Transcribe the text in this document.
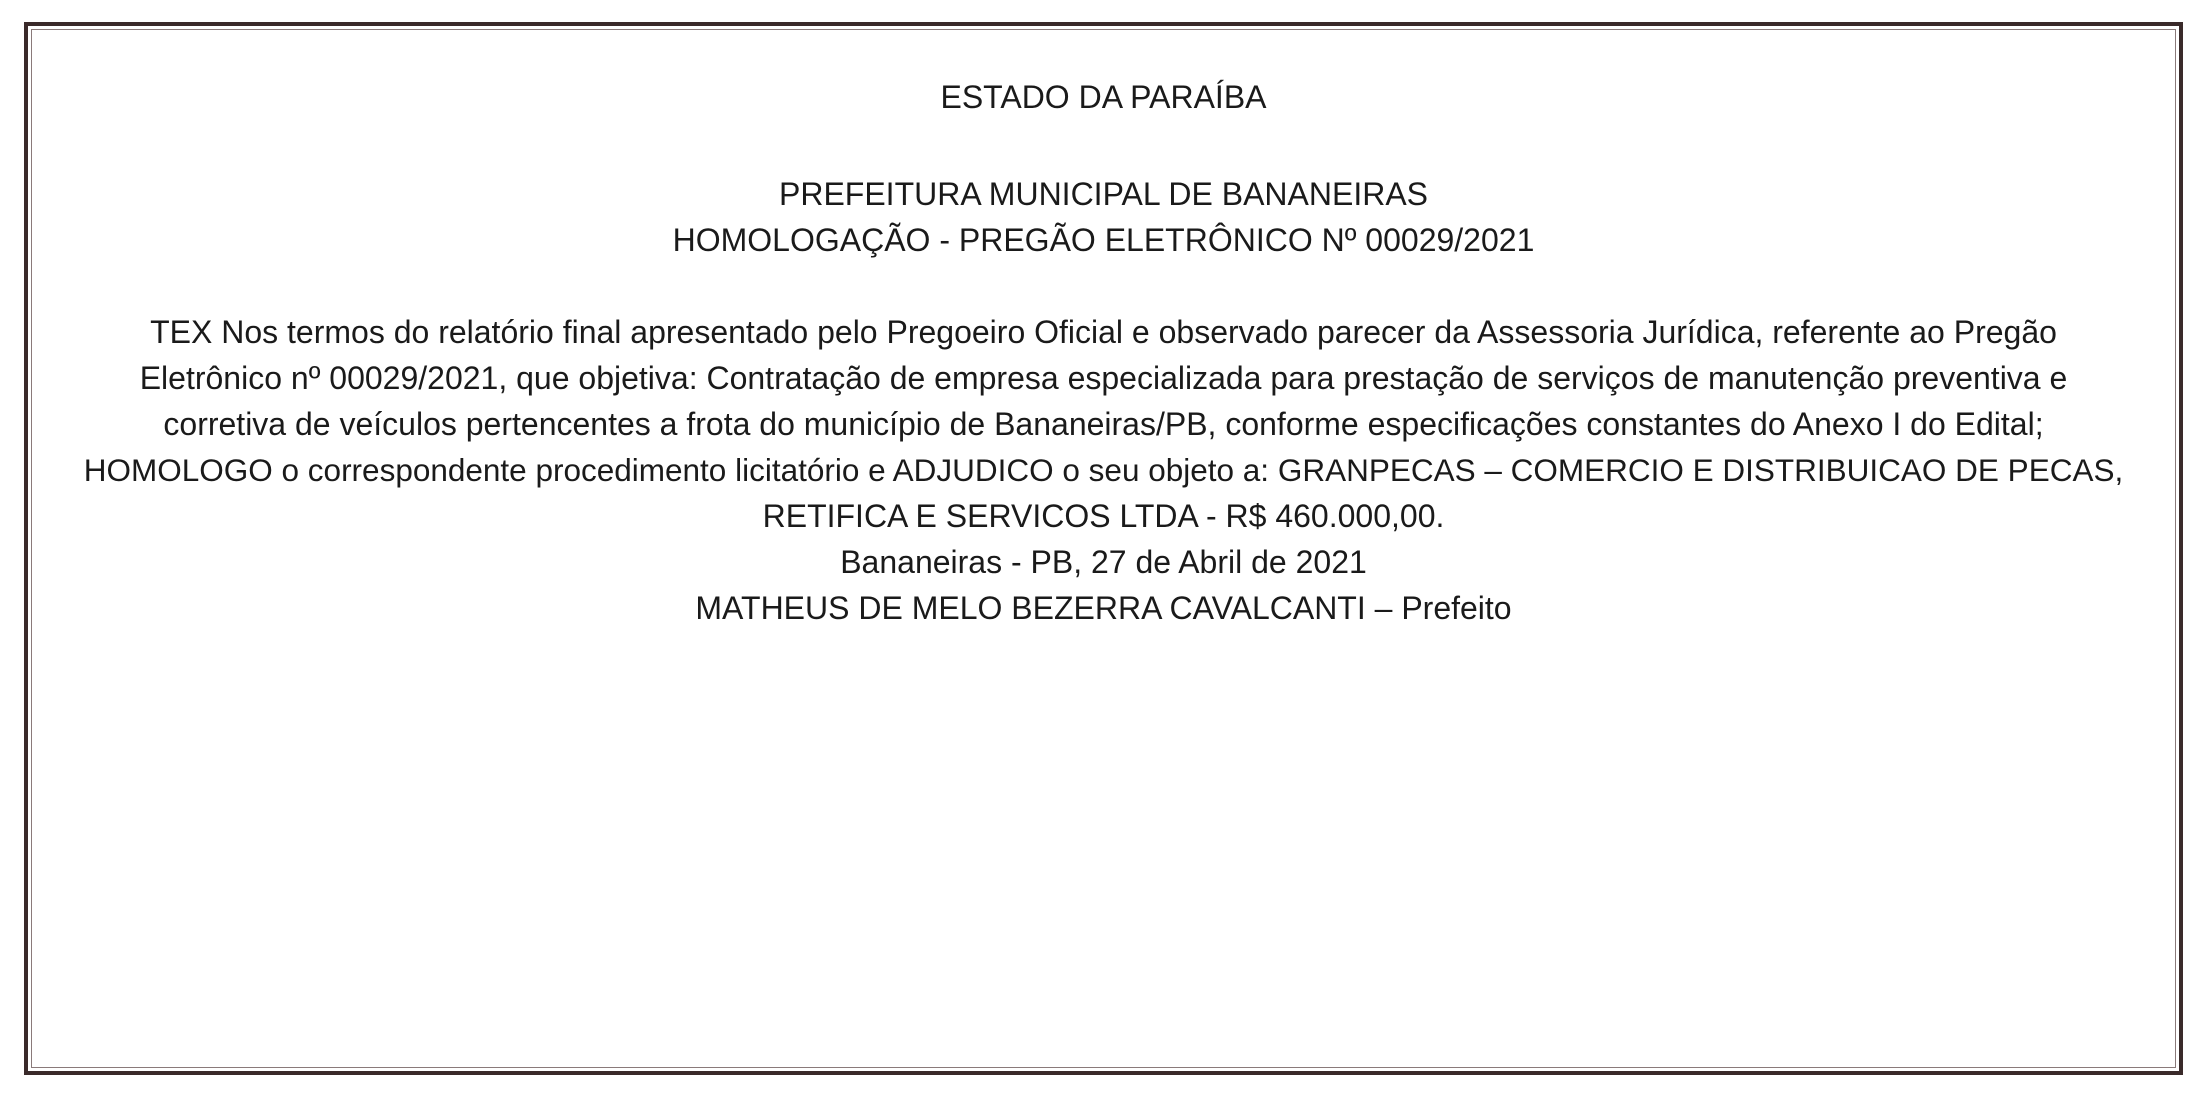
ESTADO DA PARAÍBA
PREFEITURA MUNICIPAL DE BANANEIRAS
HOMOLOGAÇÃO - PREGÃO ELETRÔNICO Nº 00029/2021
TEX Nos termos do relatório final apresentado pelo Pregoeiro Oficial e observado parecer da Assessoria Jurídica, referente ao Pregão
Eletrônico nº 00029/2021, que objetiva: Contratação de empresa especializada para prestação de serviços de manutenção preventiva e
corretiva de veículos pertencentes a frota do município de Bananeiras/PB, conforme especificações constantes do Anexo I do Edital;
HOMOLOGO o correspondente procedimento licitatório e ADJUDICO o seu objeto a: GRANPECAS – COMERCIO E DISTRIBUICAO DE PECAS,
RETIFICA E SERVICOS LTDA - R$ 460.000,00.
Bananeiras - PB, 27 de Abril de 2021
MATHEUS DE MELO BEZERRA CAVALCANTI – Prefeito
